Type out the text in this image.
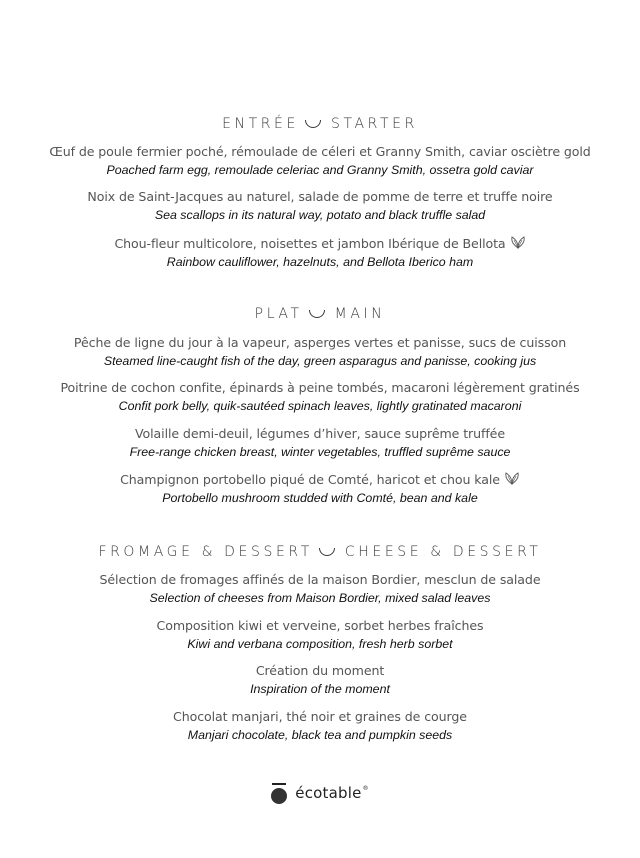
ENTRÉE STARTER
Œuf de poule fermier poché, rémoulade de céleri et Granny Smith, caviar osciètre gold
Poached farm egg, remoulade celeriac and Granny Smith, ossetra gold caviar
Noix de Saint-Jacques au naturel, salade de pomme de terre et truffe noire
Sea scallops in its natural way, potato and black truffle salad
Chou-fleur multicolore, noisettes et jambon Ibérique de Bellota
Rainbow cauliflower, hazelnuts, and Bellota Iberico ham
PLAT MAIN
Pêche de ligne du jour à la vapeur, asperges vertes et panisse, sucs de cuisson
Steamed line-caught fish of the day, green asparagus and panisse, cooking jus
Poitrine de cochon confite, épinards à peine tombés, macaroni légèrement gratinés
Confit pork belly, quik-sautéed spinach leaves, lightly gratinated macaroni
Volaille demi-deuil, légumes d’hiver, sauce suprême truffée
Free-range chicken breast, winter vegetables, truffled suprême sauce
Champignon portobello piqué de Comté, haricot et chou kale
Portobello mushroom studded with Comté, bean and kale
FROMAGE & DESSERT CHEESE & DESSERT
Sélection de fromages affinés de la maison Bordier, mesclun de salade
Selection of cheeses from Maison Bordier, mixed salad leaves
Composition kiwi et verveine, sorbet herbes fraîches
Kiwi and verbana composition, fresh herb sorbet
Création du moment
Inspiration of the moment
Chocolat manjari, thé noir et graines de courge
Manjari chocolate, black tea and pumpkin seeds
écotable®
